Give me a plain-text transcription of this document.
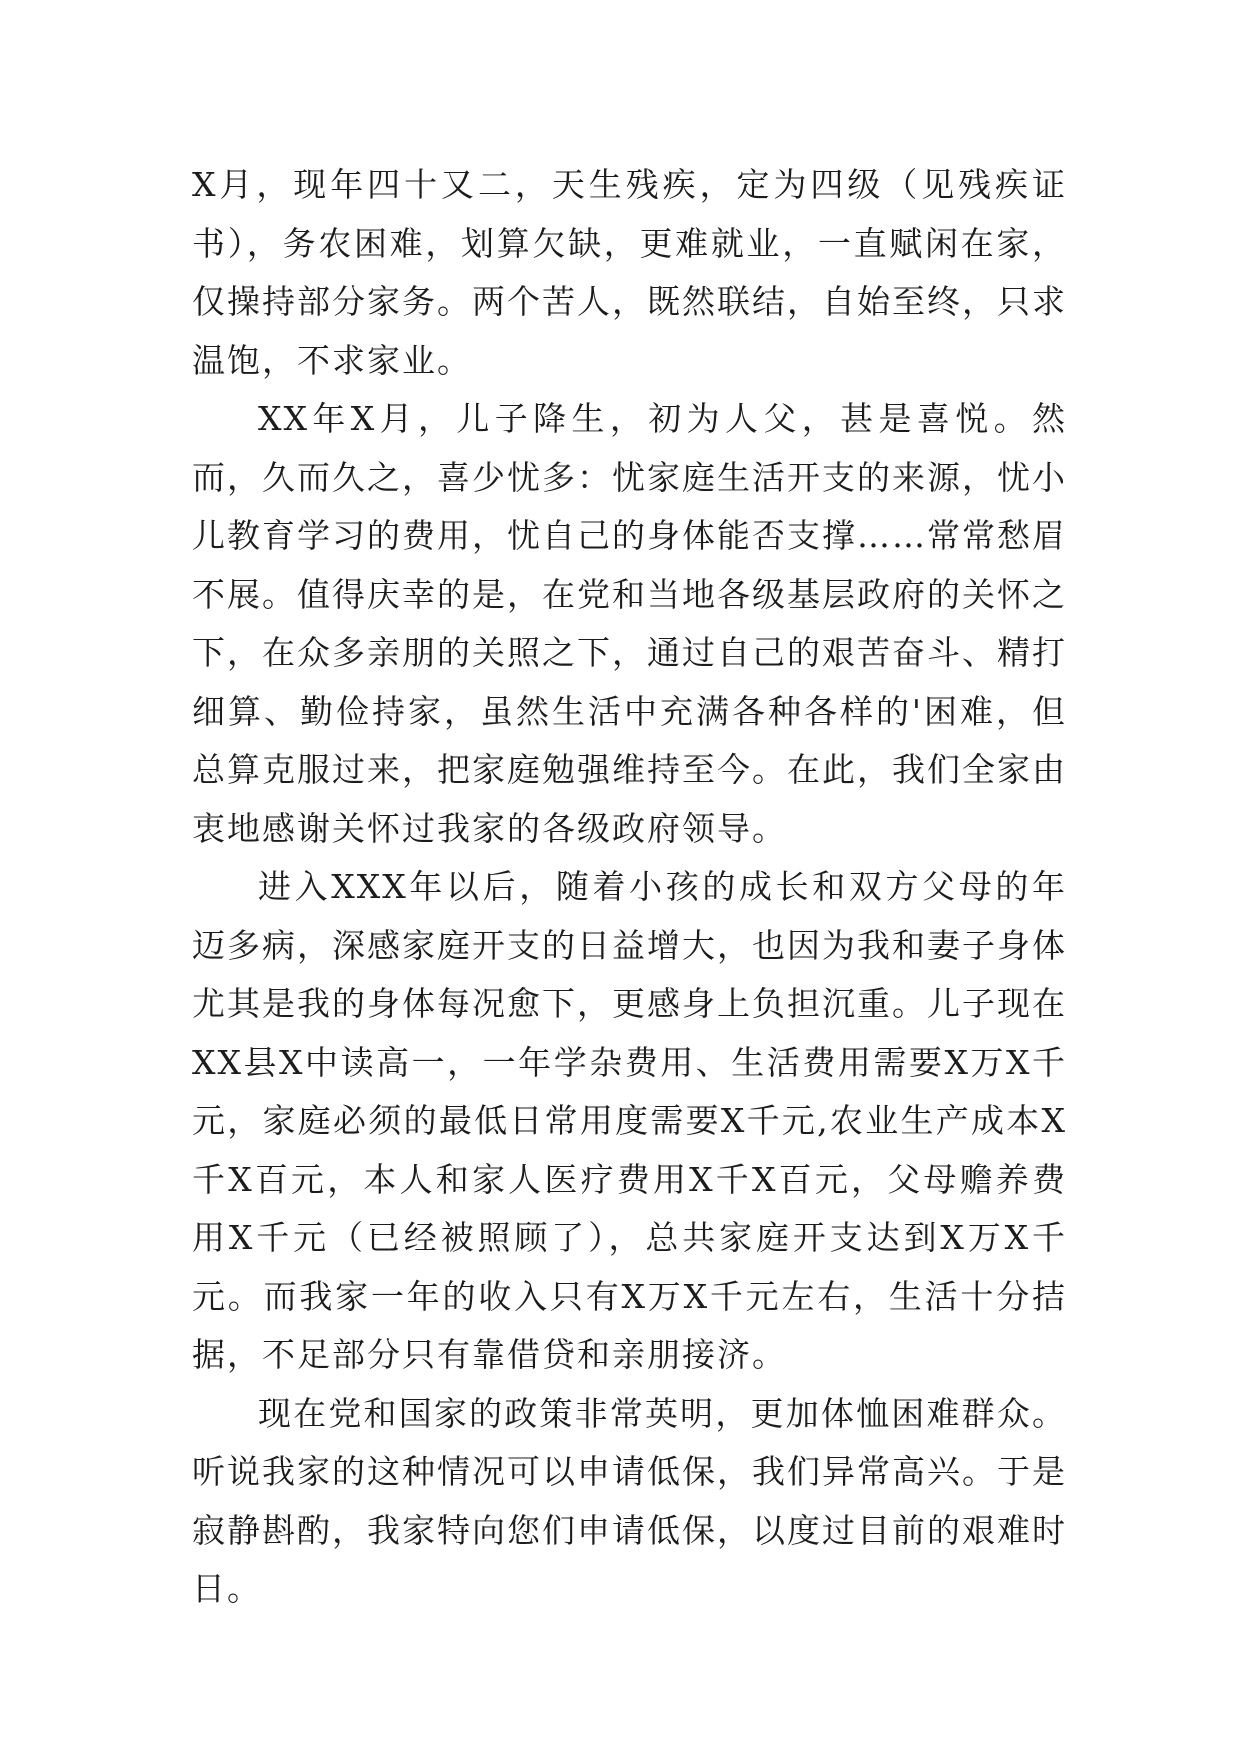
X月，现年四十又二，天生残疾，定为四级（见残疾证书），务农困难，划算欠缺，更难就业，一直赋闲在家，仅操持部分家务。两个苦人，既然联结，自始至终，只求温饱，不求家业。

XX年X月，儿子降生，初为人父，甚是喜悦。然而，久而久之，喜少忧多：忧家庭生活开支的来源，忧小儿教育学习的费用，忧自己的身体能否支撑……常常愁眉不展。值得庆幸的是，在党和当地各级基层政府的关怀之下，在众多亲朋的关照之下，通过自己的艰苦奋斗、精打细算、勤俭持家，虽然生活中充满各种各样的'困难，但总算克服过来，把家庭勉强维持至今。在此，我们全家由衷地感谢关怀过我家的各级政府领导。

进入XXX年以后，随着小孩的成长和双方父母的年迈多病，深感家庭开支的日益增大，也因为我和妻子身体尤其是我的身体每况愈下，更感身上负担沉重。儿子现在XX县X中读高一，一年学杂费用、生活费用需要X万X千元，家庭必须的最低日常用度需要X千元,农业生产成本X千X百元，本人和家人医疗费用X千X百元，父母赡养费用X千元（已经被照顾了），总共家庭开支达到X万X千元。而我家一年的收入只有X万X千元左右，生活十分拮据，不足部分只有靠借贷和亲朋接济。

现在党和国家的政策非常英明，更加体恤困难群众。听说我家的这种情况可以申请低保，我们异常高兴。于是寂静斟酌，我家特向您们申请低保，以度过目前的艰难时日。
